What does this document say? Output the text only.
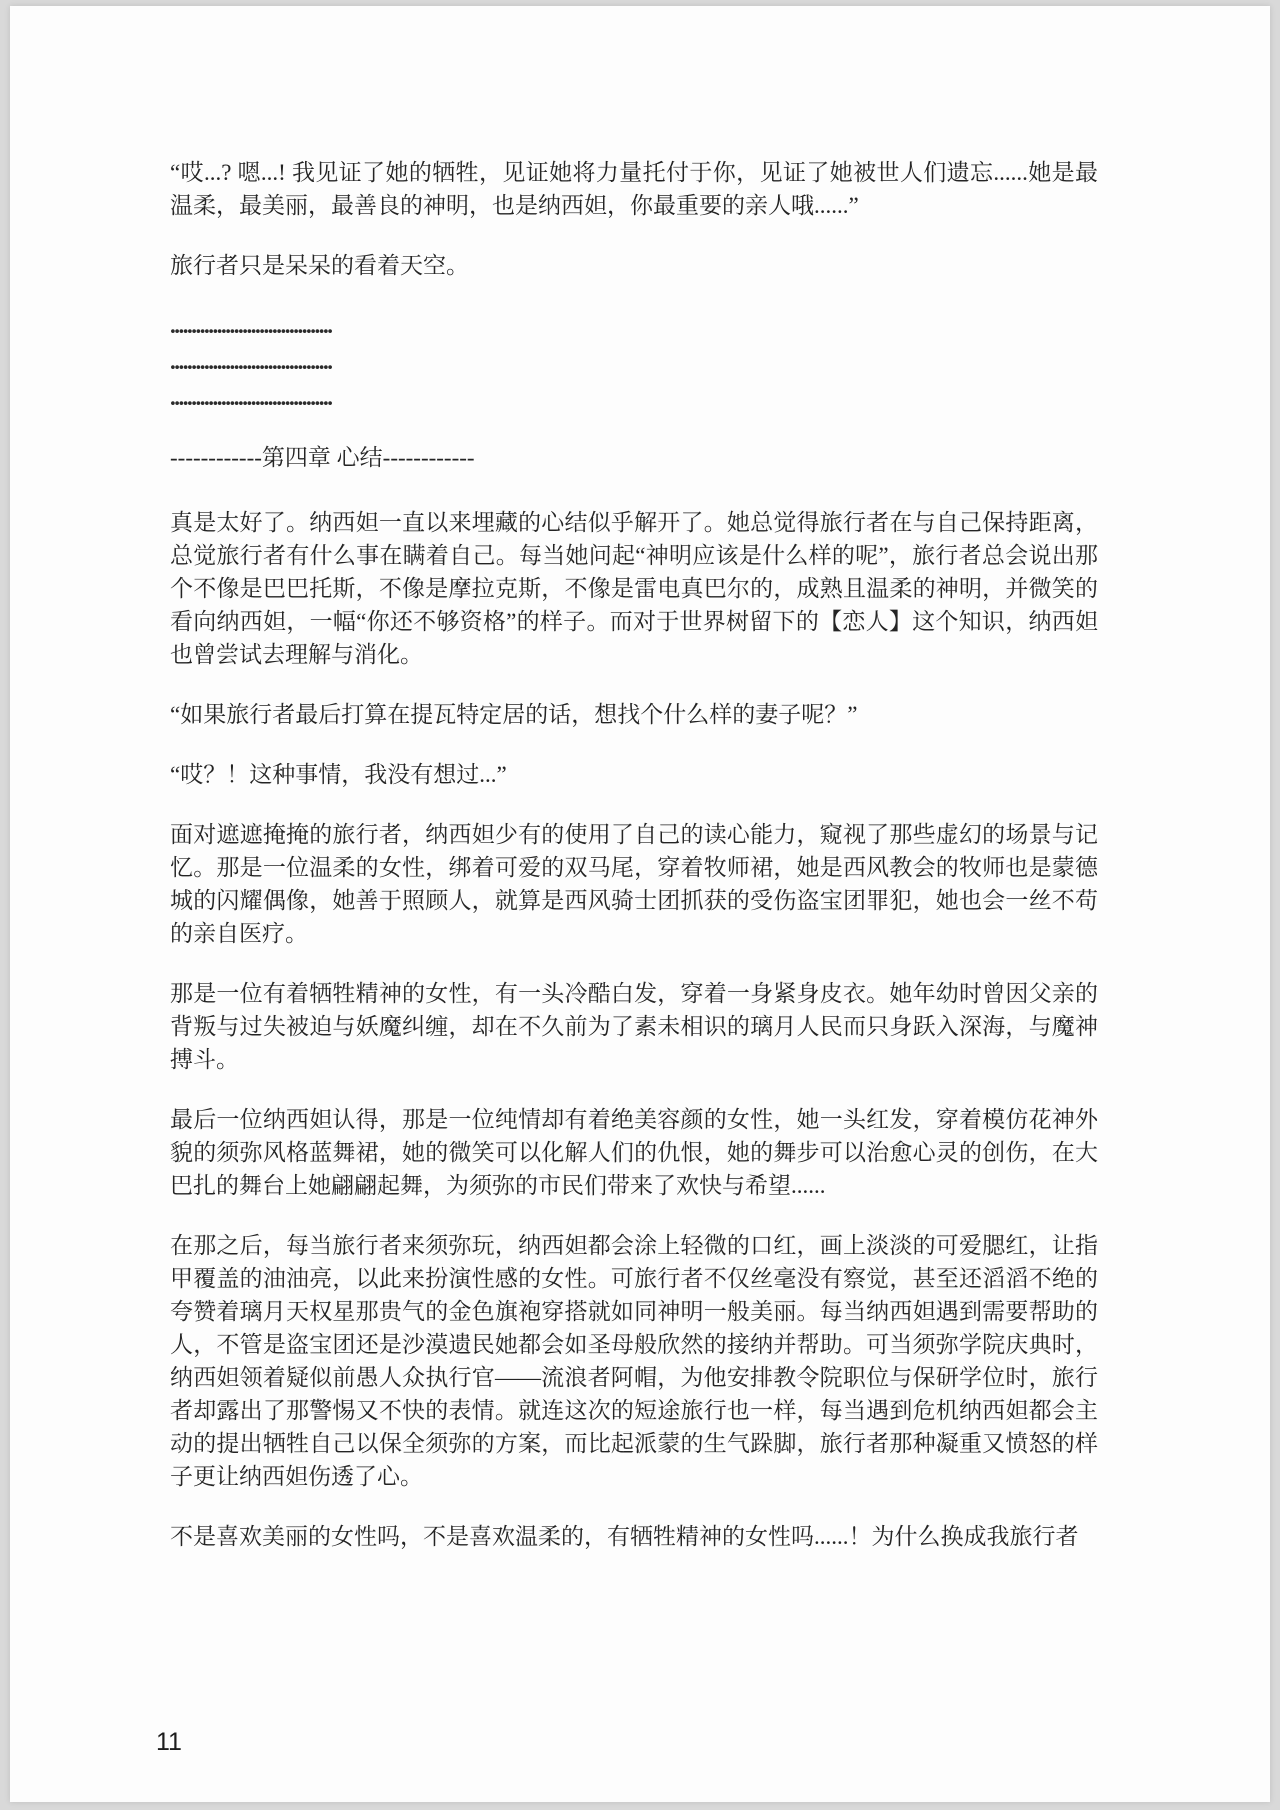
“哎...? 嗯...! 我见证了她的牺牲，见证她将力量托付于你，见证了她被世人们遗忘......她是最温柔，最美丽，最善良的神明，也是纳西妲，你最重要的亲人哦......”

旅行者只是呆呆的看着天空。

......................................

......................................

......................................

------------第四章 心结------------

真是太好了。纳西妲一直以来埋藏的心结似乎解开了。她总觉得旅行者在与自己保持距离，总觉旅行者有什么事在瞒着自己。每当她问起“神明应该是什么样的呢”，旅行者总会说出那个不像是巴巴托斯，不像是摩拉克斯，不像是雷电真巴尔的，成熟且温柔的神明，并微笑的看向纳西妲，一幅“你还不够资格”的样子。而对于世界树留下的【恋人】这个知识，纳西妲也曾尝试去理解与消化。

“如果旅行者最后打算在提瓦特定居的话，想找个什么样的妻子呢？”

“哎？！这种事情，我没有想过...”

面对遮遮掩掩的旅行者，纳西妲少有的使用了自己的读心能力，窥视了那些虚幻的场景与记忆。那是一位温柔的女性，绑着可爱的双马尾，穿着牧师裙，她是西风教会的牧师也是蒙德城的闪耀偶像，她善于照顾人，就算是西风骑士团抓获的受伤盗宝团罪犯，她也会一丝不苟的亲自医疗。

那是一位有着牺牲精神的女性，有一头冷酷白发，穿着一身紧身皮衣。她年幼时曾因父亲的背叛与过失被迫与妖魔纠缠，却在不久前为了素未相识的璃月人民而只身跃入深海，与魔神搏斗。

最后一位纳西妲认得，那是一位纯情却有着绝美容颜的女性，她一头红发，穿着模仿花神外貌的须弥风格蓝舞裙，她的微笑可以化解人们的仇恨，她的舞步可以治愈心灵的创伤，在大巴扎的舞台上她翩翩起舞，为须弥的市民们带来了欢快与希望......

在那之后，每当旅行者来须弥玩，纳西妲都会涂上轻微的口红，画上淡淡的可爱腮红，让指甲覆盖的油油亮，以此来扮演性感的女性。可旅行者不仅丝毫没有察觉，甚至还滔滔不绝的夸赞着璃月天权星那贵气的金色旗袍穿搭就如同神明一般美丽。每当纳西妲遇到需要帮助的人，不管是盗宝团还是沙漠遗民她都会如圣母般欣然的接纳并帮助。可当须弥学院庆典时，纳西妲领着疑似前愚人众执行官——流浪者阿帽，为他安排教令院职位与保研学位时，旅行者却露出了那警惕又不快的表情。就连这次的短途旅行也一样，每当遇到危机纳西妲都会主动的提出牺牲自己以保全须弥的方案，而比起派蒙的生气跺脚，旅行者那种凝重又愤怒的样子更让纳西妲伤透了心。

不是喜欢美丽的女性吗，不是喜欢温柔的，有牺牲精神的女性吗......！为什么换成我旅行者

11
